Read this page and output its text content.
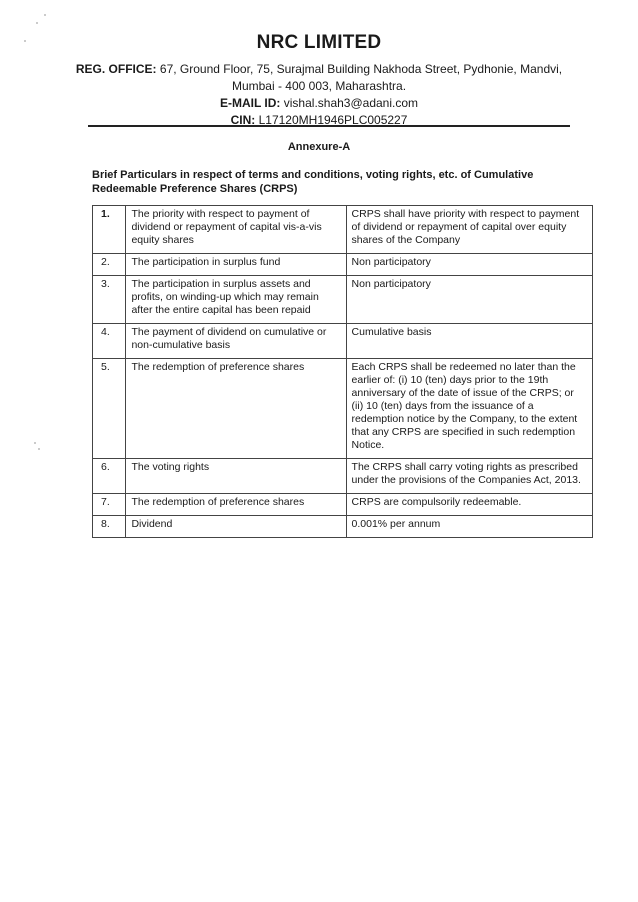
NRC LIMITED
REG. OFFICE: 67, Ground Floor, 75, Surajmal Building Nakhoda Street, Pydhonie, Mandvi,
Mumbai - 400 003, Maharashtra.
E-MAIL ID: vishal.shah3@adani.com
CIN: L17120MH1946PLC005227
Annexure-A
Brief Particulars in respect of terms and conditions, voting rights, etc. of Cumulative Redeemable Preference Shares (CRPS)
1.	The priority with respect to payment of dividend or repayment of capital vis-a-vis equity shares	CRPS shall have priority with respect to payment of dividend or repayment of capital over equity shares of the Company
2.	The participation in surplus fund	Non participatory
3.	The participation in surplus assets and profits, on winding-up which may remain after the entire capital has been repaid	Non participatory
4.	The payment of dividend on cumulative or non-cumulative basis	Cumulative basis
5.	The redemption of preference shares	Each CRPS shall be redeemed no later than the earlier of: (i) 10 (ten) days prior to the 19th anniversary of the date of issue of the CRPS; or (ii) 10 (ten) days from the issuance of a redemption notice by the Company, to the extent that any CRPS are specified in such redemption Notice.
6.	The voting rights	The CRPS shall carry voting rights as prescribed under the provisions of the Companies Act, 2013.
7.	The redemption of preference shares	CRPS are compulsorily redeemable.
8.	Dividend	0.001% per annum
